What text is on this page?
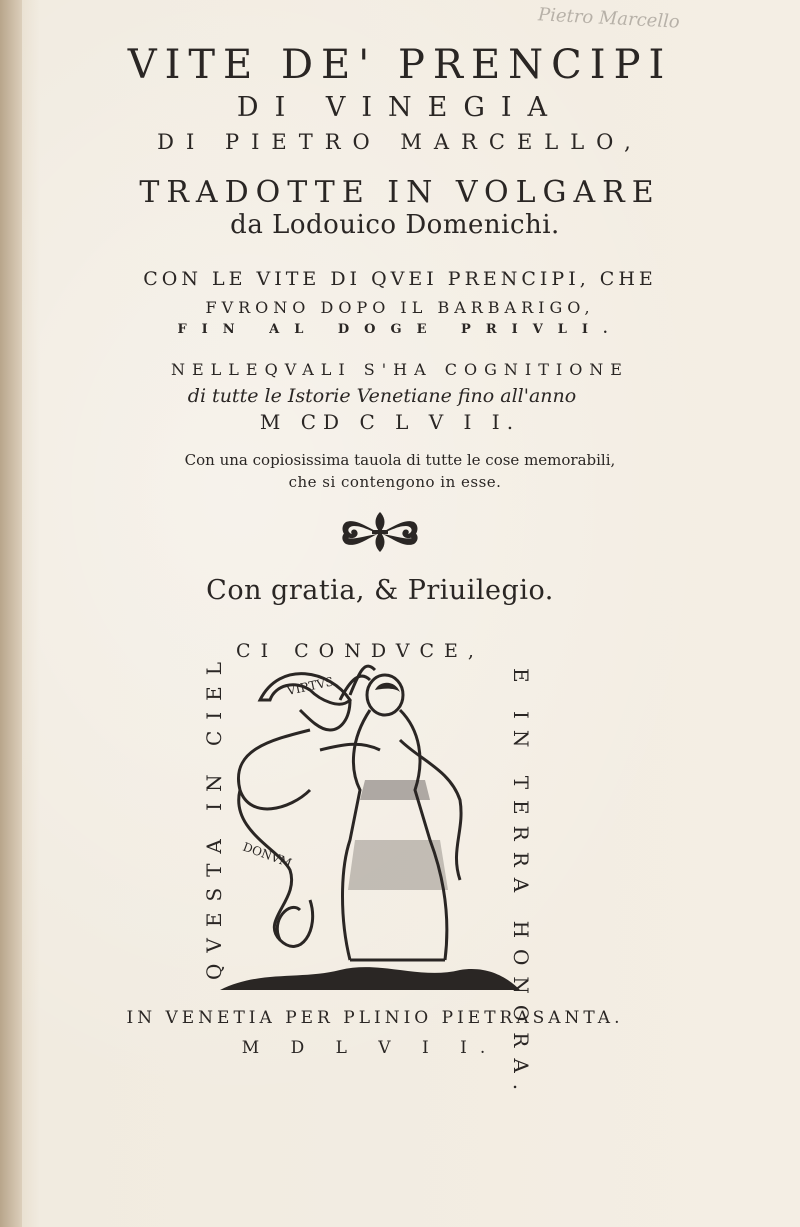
Pietro Marcello
VITE DE' PRENCIPI
DI VINEGIA
DI PIETRO MARCELLO,
TRADOTTE IN VOLGARE
da Lodouico Domenichi.
CON LE VITE DI QVEI PRENCIPI, CHE
FVRONO DOPO IL BARBARIGO,
FIN AL DOGE PRIVLI.
NELLEQVALI S'HA COGNITIONE
di tutte le Istorie Venetiane fino all'anno
M CD C L V I I.
Con una copiosissima tauola di tutte le cose memorabili,
che si contengono in esse.
Con gratia, & Priuilegio.
CI CONDVCE,
QVESTA IN CIEL	E IN TERRA HONORA.
VIRTVS
DONVM
IN VENETIA PER PLINIO PIETRASANTA.
M D L V I I.
